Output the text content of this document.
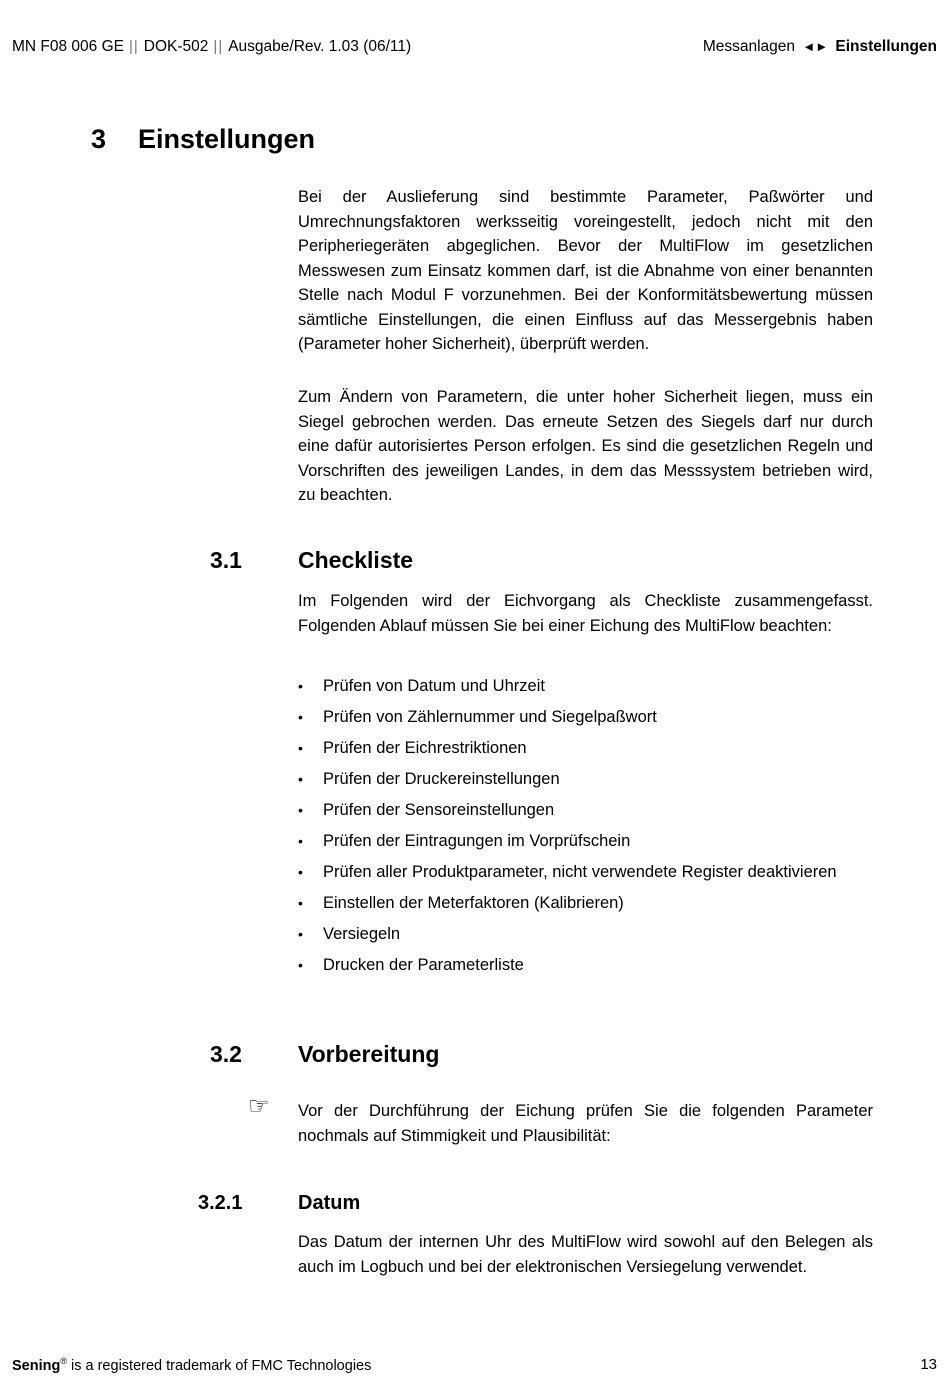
MN F08 006 GE || DOK-502 || Ausgabe/Rev. 1.03 (06/11)	Messanlagen ◄► Einstellungen
3 Einstellungen

Bei der Auslieferung sind bestimmte Parameter, Paßwörter und Umrechnungsfaktoren werksseitig voreingestellt, jedoch nicht mit den Peripheriegeräten abgeglichen. Bevor der MultiFlow im gesetzlichen Messwesen zum Einsatz kommen darf, ist die Abnahme von einer benannten Stelle nach Modul F vorzunehmen. Bei der Konformitätsbewertung müssen sämtliche Einstellungen, die einen Einfluss auf das Messergebnis haben (Parameter hoher Sicherheit), überprüft werden.

Zum Ändern von Parametern, die unter hoher Sicherheit liegen, muss ein Siegel gebrochen werden. Das erneute Setzen des Siegels darf nur durch eine dafür autorisiertes Person erfolgen. Es sind die gesetzlichen Regeln und Vorschriften des jeweiligen Landes, in dem das Messsystem betrieben wird, zu beachten.

3.1	Checkliste

Im Folgenden wird der Eichvorgang als Checkliste zusammengefasst. Folgenden Ablauf müssen Sie bei einer Eichung des MultiFlow beachten:

• Prüfen von Datum und Uhrzeit
• Prüfen von Zählernummer und Siegelpaßwort
• Prüfen der Eichrestriktionen
• Prüfen der Druckereinstellungen
• Prüfen der Sensoreinstellungen
• Prüfen der Eintragungen im Vorprüfschein
• Prüfen aller Produktparameter, nicht verwendete Register deaktivieren
• Einstellen der Meterfaktoren (Kalibrieren)
• Versiegeln
• Drucken der Parameterliste
3.2	Vorbereitung
☞ Vor der Durchführung der Eichung prüfen Sie die folgenden Parameter nochmals auf Stimmigkeit und Plausibilität:

3.2.1	Datum

Das Datum der internen Uhr des MultiFlow wird sowohl auf den Belegen als auch im Logbuch und bei der elektronischen Versiegelung verwendet.

Sening® is a registered trademark of FMC Technologies	13
